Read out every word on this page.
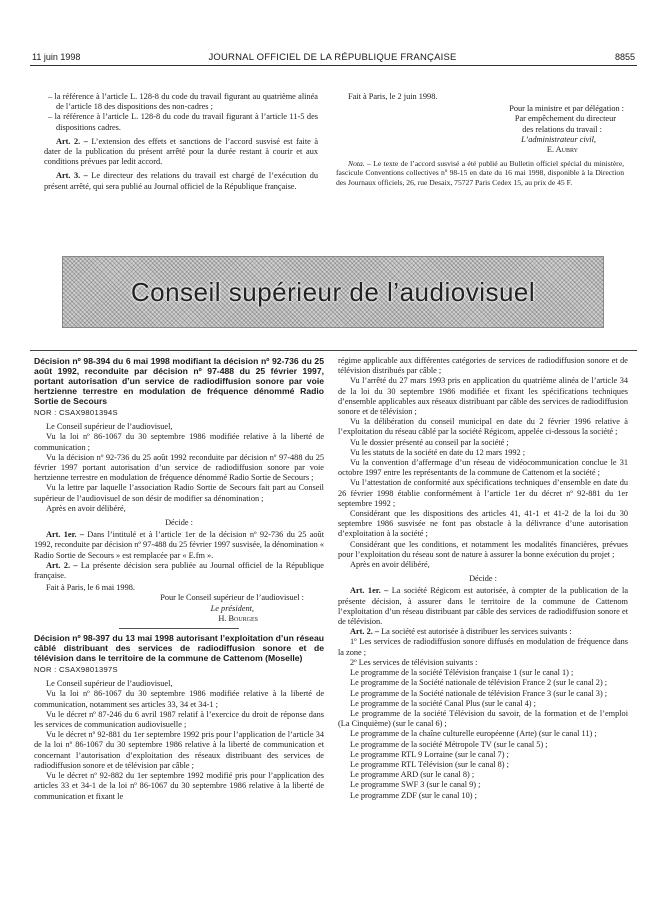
11 juin 1998	JOURNAL OFFICIEL DE LA RÉPUBLIQUE FRANÇAISE	8855

– la référence à l’article L. 128-8 du code du travail figurant au quatrième alinéa de l’article 18 des dispositions des non-cadres ;

– la référence à l’article L. 128-8 du code du travail figurant à l’article 11-5 des dispositions cadres.

Art. 2. – L’extension des effets et sanctions de l’accord susvisé est faite à dater de la publication du présent arrêté pour la durée restant à courir et aux conditions prévues par ledit accord.

Art. 3. – Le directeur des relations du travail est chargé de l’exécution du présent arrêté, qui sera publié au Journal officiel de la République française.

Fait à Paris, le 2 juin 1998.

Pour la ministre et par délégation :

Par empêchement du directeur

des relations du travail :

L’administrateur civil,

E. Aubry

Nota. – Le texte de l’accord susvisé a été publié au Bulletin officiel spécial du ministère, fascicule Conventions collectives nº 98-15 en date du 16 mai 1998, disponible à la Direction des Journaux officiels, 26, rue Desaix, 75727 Paris Cedex 15, au prix de 45 F.

Conseil supérieur de l’audiovisuel

Décision nº 98-394 du 6 mai 1998 modifiant la décision nº 92-736 du 25 août 1992, reconduite par décision nº 97-488 du 25 février 1997, portant autorisation d’un service de radiodiffusion sonore par voie hertzienne terrestre en modulation de fréquence dénommé Radio Sortie de Secours

NOR : CSAX9801394S

Le Conseil supérieur de l’audiovisuel,

Vu la loi nº 86-1067 du 30 septembre 1986 modifiée relative à la liberté de communication ;

Vu la décision nº 92-736 du 25 août 1992 reconduite par décision nº 97-488 du 25 février 1997 portant autorisation d’un service de radiodiffusion sonore par voie hertzienne terrestre en modulation de fréquence dénommé Radio Sortie de Secours ;

Vu la lettre par laquelle l’association Radio Sortie de Secours fait part au Conseil supérieur de l’audiovisuel de son désir de modifier sa dénomination ;

Après en avoir délibéré,

Décide :

Art. 1er. – Dans l’intitulé et à l’article 1er de la décision nº 92-736 du 25 août 1992, reconduite par décision nº 97-488 du 25 février 1997 susvisée, la dénomination « Radio Sortie de Secours » est remplacée par « E.fm ».

Art. 2. – La présente décision sera publiée au Journal officiel de la République française.

Fait à Paris, le 6 mai 1998.

Pour le Conseil supérieur de l’audiovisuel :

Le président,

H. Bourges

Décision nº 98-397 du 13 mai 1998 autorisant l’exploitation d’un réseau câblé distribuant des services de radiodiffusion sonore et de télévision dans le territoire de la commune de Cattenom (Moselle)

NOR : CSAX9801397S

Le Conseil supérieur de l’audiovisuel,

Vu la loi nº 86-1067 du 30 septembre 1986 modifiée relative à la liberté de communication, notamment ses articles 33, 34 et 34-1 ;

Vu le décret nº 87-246 du 6 avril 1987 relatif à l’exercice du droit de réponse dans les services de communication audiovisuelle ;

Vu le décret nº 92-881 du 1er septembre 1992 pris pour l’application de l’article 34 de la loi nº 86-1067 du 30 septembre 1986 relative à la liberté de communication et concernant l’autorisation d’exploitation des réseaux distribuant des services de radiodiffusion sonore et de télévision par câble ;

Vu le décret nº 92-882 du 1er septembre 1992 modifié pris pour l’application des articles 33 et 34-1 de la loi nº 86-1067 du 30 septembre 1986 relative à la liberté de communication et fixant le

régime applicable aux différentes catégories de services de radiodiffusion sonore et de télévision distribués par câble ;

Vu l’arrêté du 27 mars 1993 pris en application du quatrième alinéa de l’article 34 de la loi du 30 septembre 1986 modifiée et fixant les spécifications techniques d’ensemble applicables aux réseaux distribuant par câble des services de radiodiffusion sonore et de télévision ;

Vu la délibération du conseil municipal en date du 2 février 1996 relative à l’exploitation du réseau câblé par la société Régicom, appelée ci-dessous la société ;

Vu le dossier présenté au conseil par la société ;

Vu les statuts de la société en date du 12 mars 1992 ;

Vu la convention d’affermage d’un réseau de vidéocommunication conclue le 31 octobre 1997 entre les représentants de la commune de Cattenom et la société ;

Vu l’attestation de conformité aux spécifications techniques d’ensemble en date du 26 février 1998 établie conformément à l’article 1er du décret nº 92-881 du 1er septembre 1992 ;

Considérant que les dispositions des articles 41, 41-1 et 41-2 de la loi du 30 septembre 1986 susvisée ne font pas obstacle à la délivrance d’une autorisation d’exploitation à la société ;

Considérant que les conditions, et notamment les modalités financières, prévues pour l’exploitation du réseau sont de nature à assurer la bonne exécution du projet ;

Après en avoir délibéré,

Décide :

Art. 1er. – La société Régicom est autorisée, à compter de la publication de la présente décision, à assurer dans le territoire de la commune de Cattenom l’exploitation d’un réseau distribuant par câble des services de radiodiffusion sonore et de télévision.

Art. 2. – La société est autorisée à distribuer les services suivants :

1º Les services de radiodiffusion sonore diffusés en modulation de fréquence dans la zone ;

2º Les services de télévision suivants :

Le programme de la société Télévision française 1 (sur le canal 1) ;

Le programme de la Société nationale de télévision France 2 (sur le canal 2) ;

Le programme de la Société nationale de télévision France 3 (sur le canal 3) ;

Le programme de la société Canal Plus (sur le canal 4) ;

Le programme de la société Télévision du savoir, de la formation et de l’emploi (La Cinquième) (sur le canal 6) ;

Le programme de la chaîne culturelle européenne (Arte) (sur le canal 11) ;

Le programme de la société Métropole TV (sur le canal 5) ;

Le programme RTL 9 Lorraine (sur le canal 7) ;

Le programme RTL Télévision (sur le canal 8) ;

Le programme ARD (sur le canal 8) ;

Le programme SWF 3 (sur le canal 9) ;

Le programme ZDF (sur le canal 10) ;
